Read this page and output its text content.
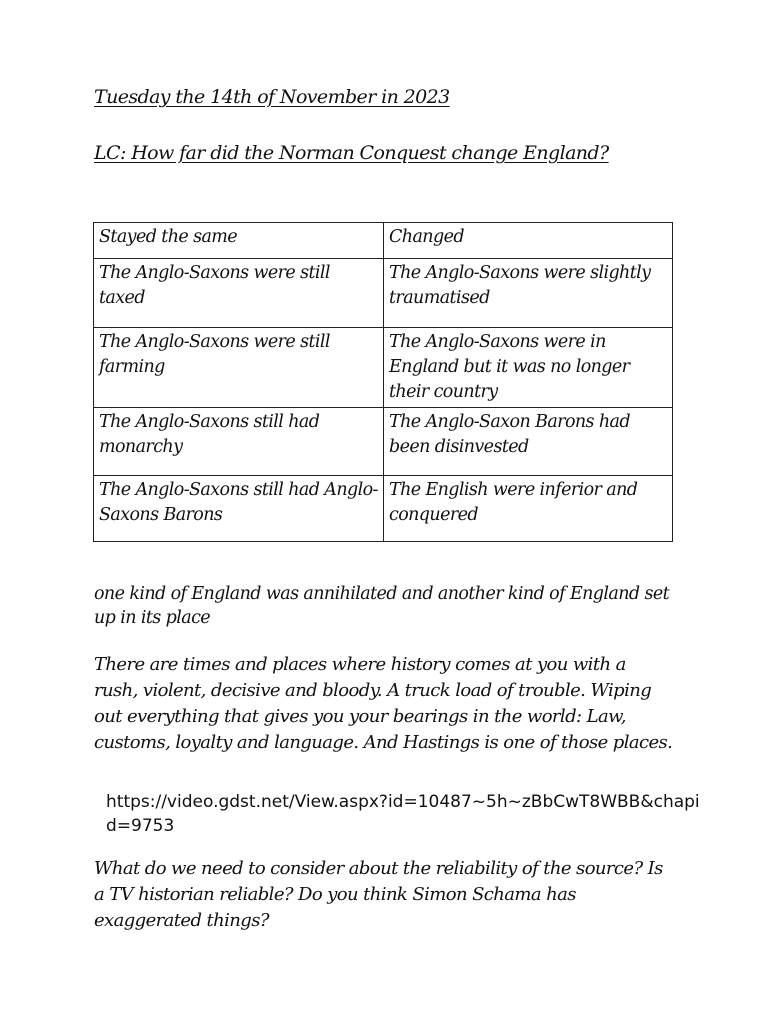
Tuesday the 14th of November in 2023
LC: How far did the Norman Conquest change England?
Stayed the same	Changed
The Anglo-Saxons were still taxed	The Anglo-Saxons were slightly traumatised
The Anglo-Saxons were still farming	The Anglo-Saxons were in England but it was no longer their country
The Anglo-Saxons still had monarchy	The Anglo-Saxon Barons had been disinvested
The Anglo-Saxons still had Anglo-Saxons Barons	The English were inferior and conquered
one kind of England was annihilated and another kind of England set up in its place
There are times and places where history comes at you with a rush, violent, decisive and bloody. A truck load of trouble. Wiping out everything that gives you your bearings in the world: Law, customs, loyalty and language. And Hastings is one of those places.
https://video.gdst.net/View.aspx?id=10487~5h~zBbCwT8WBB&chapid=9753
What do we need to consider about the reliability of the source? Is a TV historian reliable? Do you think Simon Schama has exaggerated things?
